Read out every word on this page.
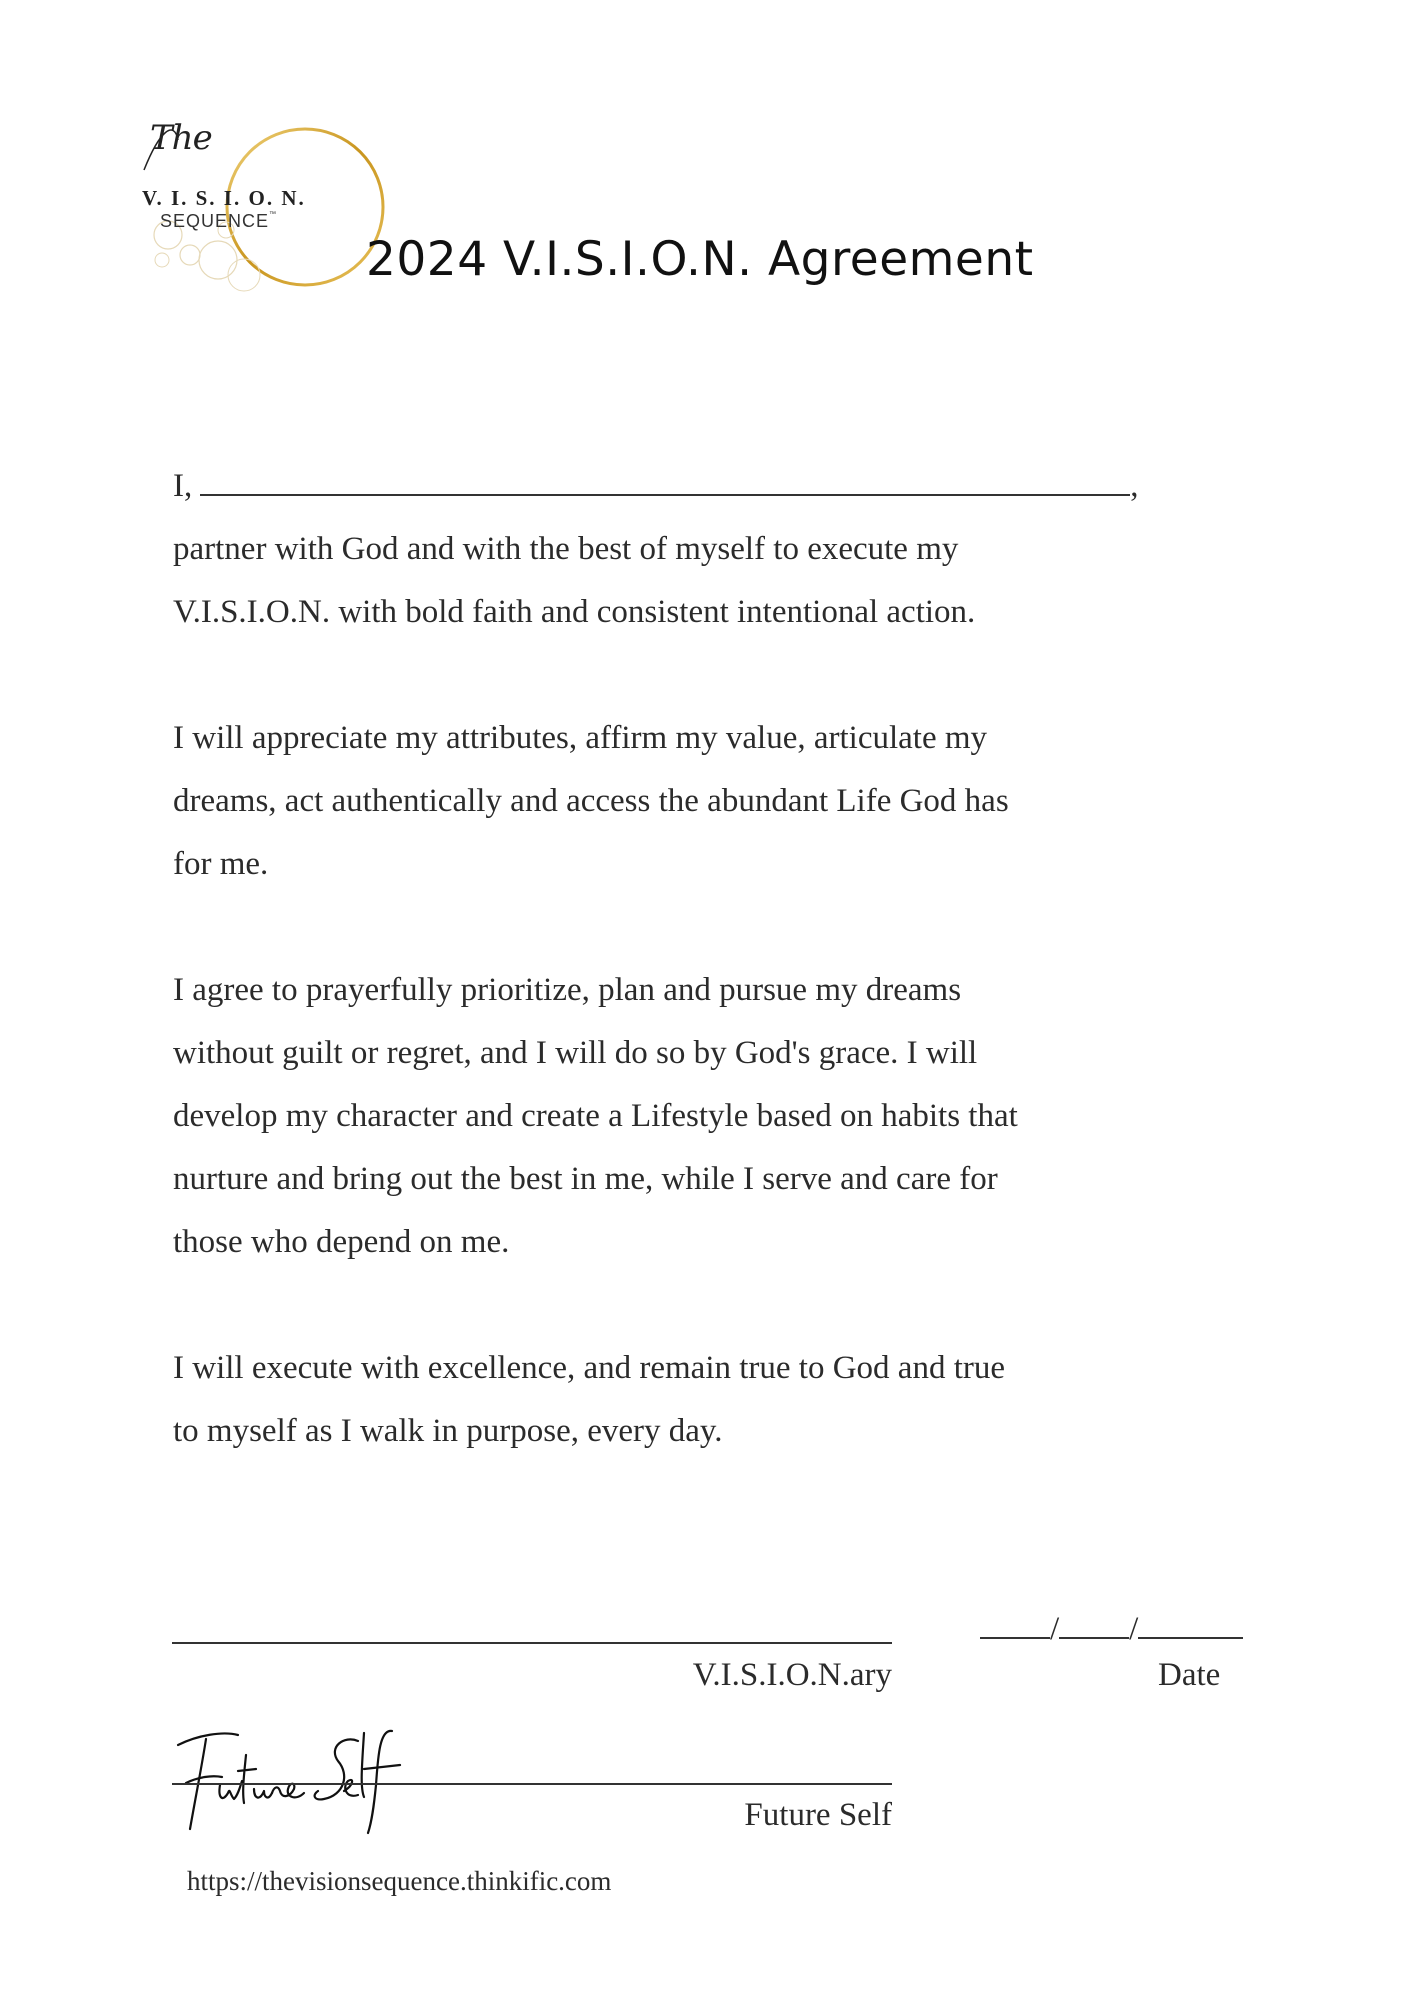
The
V. I. S. I. O. N.
SEQUENCE™
2024 V.I.S.I.O.N. Agreement
I,	,
partner with God and with the best of myself to execute my
V.I.S.I.O.N. with bold faith and consistent intentional action.
I will appreciate my attributes, affirm my value, articulate my
dreams, act authentically and access the abundant Life God has
for me.
I agree to prayerfully prioritize, plan and pursue my dreams
without guilt or regret, and I will do so by God's grace. I will
develop my character and create a Lifestyle based on habits that
nurture and bring out the best in me, while I serve and care for
those who depend on me.
I will execute with excellence, and remain true to God and true
to myself as I walk in purpose, every day.
V.I.S.I.O.N.ary
/ /
Date
Future Self
https://thevisionsequence.thinkific.com
